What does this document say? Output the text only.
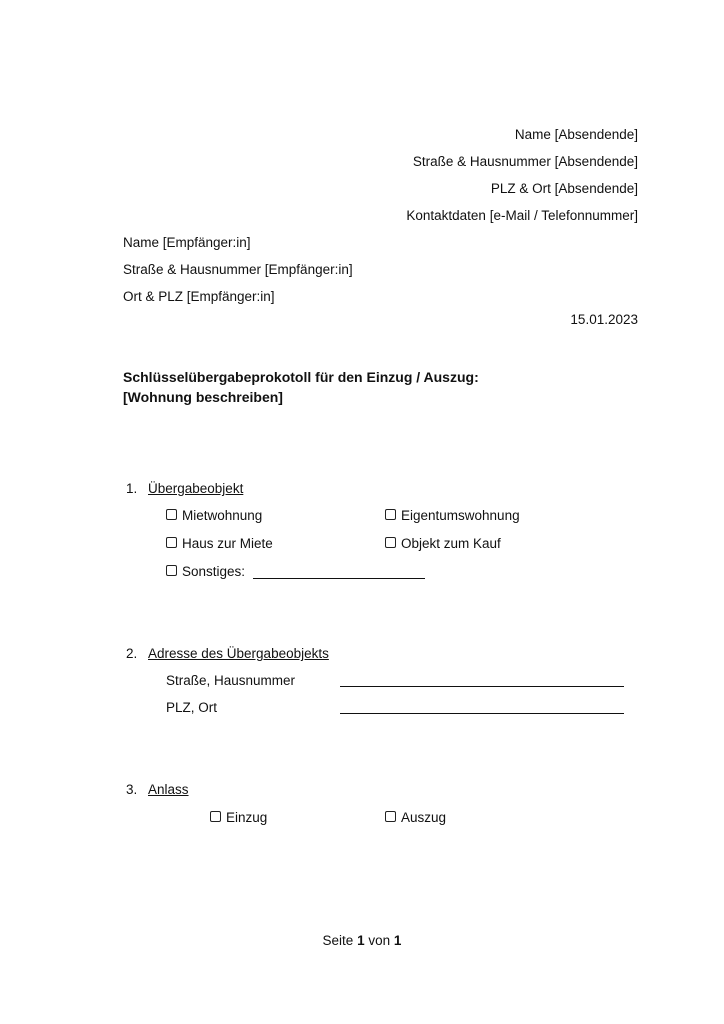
Name [Absendende]
Straße & Hausnummer [Absendende]
PLZ & Ort [Absendende]
Kontaktdaten [e-Mail / Telefonnummer]
Name [Empfänger:in]
Straße & Hausnummer [Empfänger:in]
Ort & PLZ [Empfänger:in]
15.01.2023
Schlüsselübergabeprokotoll für den Einzug / Auszug:
[Wohnung beschreiben]
1. Übergabeobjekt
Mietwohnung	Eigentumswohnung
Haus zur Miete	Objekt zum Kauf
Sonstiges:
2. Adresse des Übergabeobjekts
Straße, Hausnummer
PLZ, Ort
3. Anlass
Einzug	Auszug
Seite 1 von 1
